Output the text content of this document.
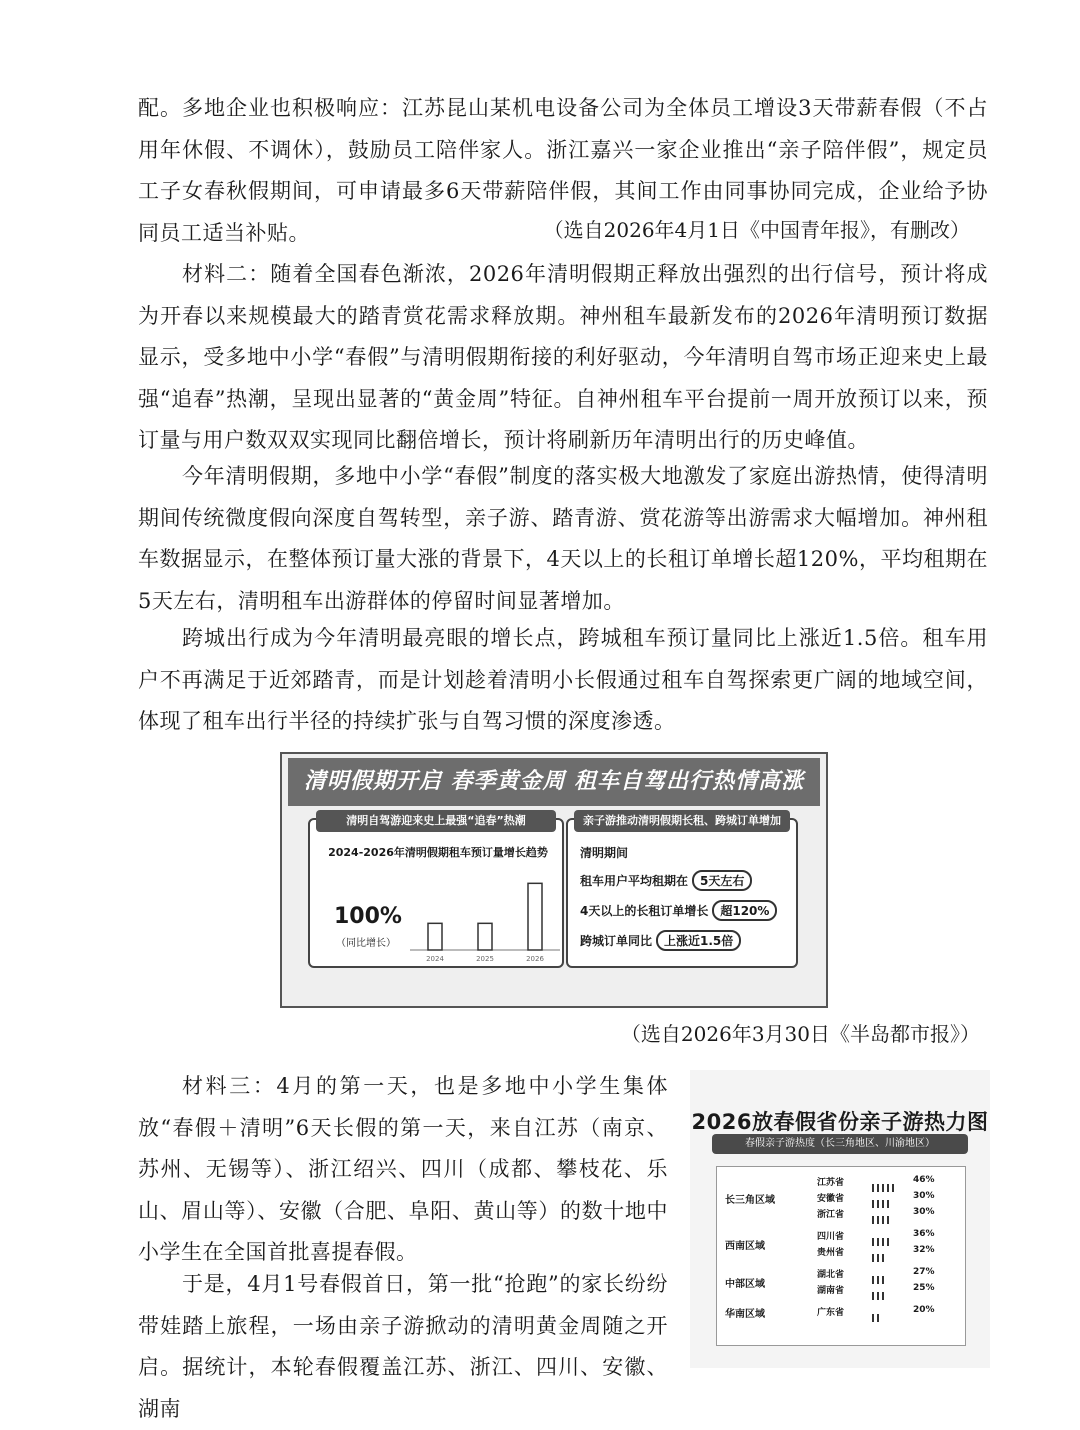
配。多地企业也积极响应：江苏昆山某机电设备公司为全体员工增设3天带薪春假（不占用年休假、不调休），鼓励员工陪伴家人。浙江嘉兴一家企业推出“亲子陪伴假”，规定员工子女春秋假期间，可申请最多6天带薪陪伴假，其间工作由同事协同完成，企业给予协同员工适当补贴。	（选自2026年4月1日《中国青年报》，有删改）

材料二：随着全国春色渐浓，2026年清明假期正释放出强烈的出行信号，预计将成为开春以来规模最大的踏青赏花需求释放期。神州租车最新发布的2026年清明预订数据显示，受多地中小学“春假”与清明假期衔接的利好驱动，今年清明自驾市场正迎来史上最强“追春”热潮，呈现出显著的“黄金周”特征。自神州租车平台提前一周开放预订以来，预订量与用户数双双实现同比翻倍增长，预计将刷新历年清明出行的历史峰值。

今年清明假期，多地中小学“春假”制度的落实极大地激发了家庭出游热情，使得清明期间传统微度假向深度自驾转型，亲子游、踏青游、赏花游等出游需求大幅增加。神州租车数据显示，在整体预订量大涨的背景下，4天以上的长租订单增长超120%，平均租期在5天左右，清明租车出游群体的停留时间显著增加。

跨城出行成为今年清明最亮眼的增长点，跨城租车预订量同比上涨近1.5倍。租车用户不再满足于近郊踏青，而是计划趁着清明小长假通过租车自驾探索更广阔的地域空间，体现了租车出行半径的持续扩张与自驾习惯的深度渗透。

清明假期开启 春季黄金周 租车自驾出行热情高涨
清明自驾游迎来史上最强“追春”热潮
2024-2026年清明假期租车预订量增长趋势
100%
（同比增长）
2024	2025	2026
亲子游推动清明假期长租、跨城订单增加
清明期间
租车用户平均租期在 5天左右
4天以上的长租订单增长 超120%
跨城订单同比 上涨近1.5倍

（选自2026年3月30日《半岛都市报》）

材料三：4月的第一天，也是多地中小学生集体放“春假＋清明”6天长假的第一天，来自江苏（南京、苏州、无锡等）、浙江绍兴、四川（成都、攀枝花、乐山、眉山等）、安徽（合肥、阜阳、黄山等）的数十地中小学生在全国首批喜提春假。

于是，4月1号春假首日，第一批“抢跑”的家长纷纷带娃踏上旅程，一场由亲子游掀动的清明黄金周随之开启。据统计，本轮春假覆盖江苏、浙江、四川、安徽、湖南

2026放春假省份亲子游热力图
春假亲子游热度（长三角地区、川渝地区）
江苏省	46%
安徽省	30%
浙江省	30%
长三角区域
四川省	36%
贵州省	32%
西南区域
湖北省	27%
湖南省	25%
中部区域
广东省	20%
华南区域
